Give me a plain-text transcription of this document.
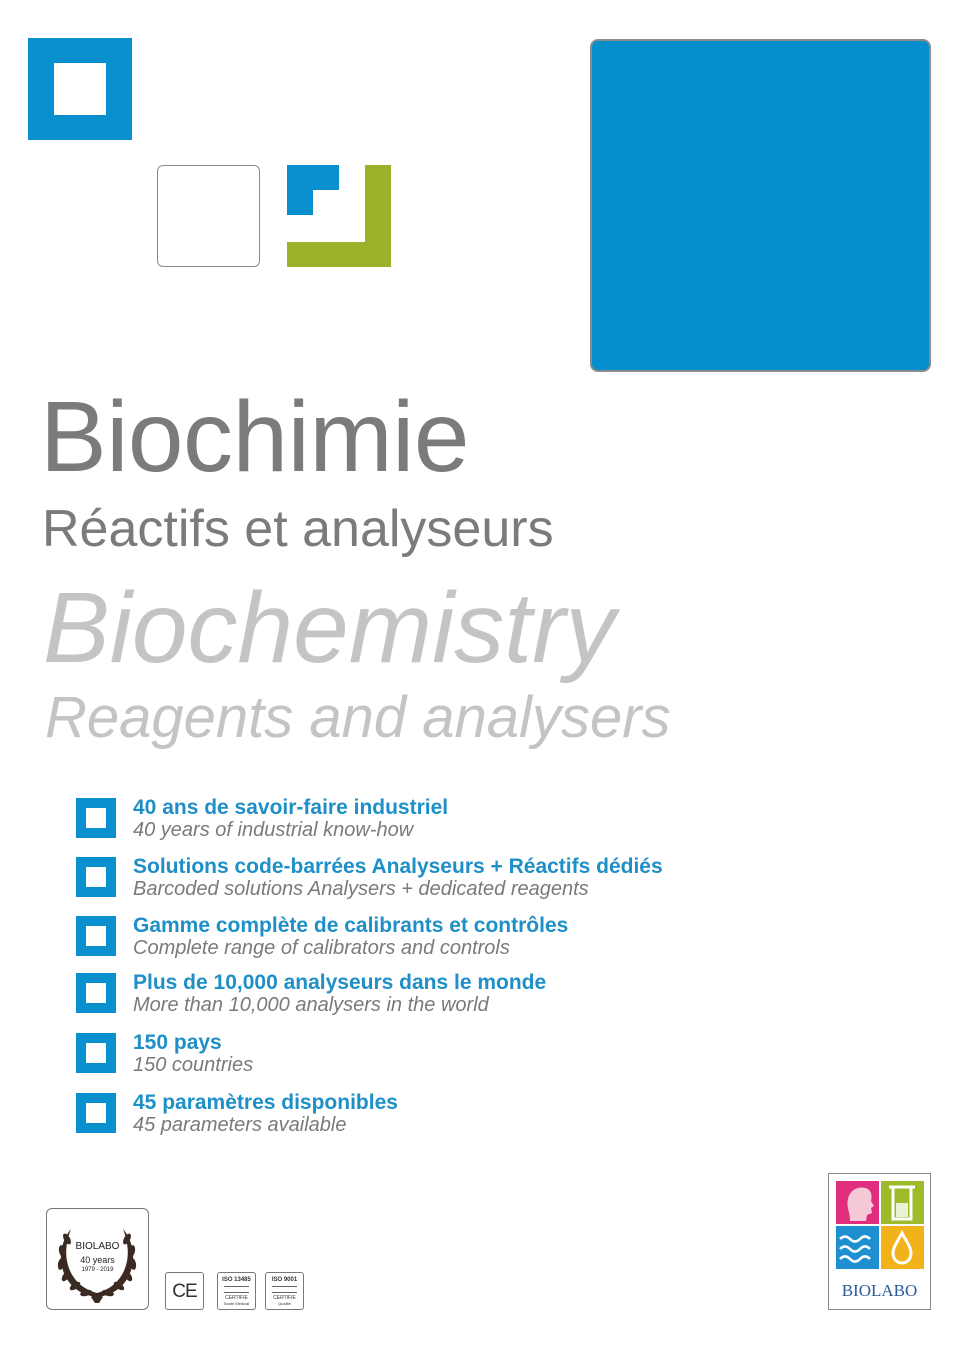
Biochimie
Réactifs et analyseurs
Biochemistry
Reagents and analysers
40 ans de savoir-faire industriel
40 years of industrial know-how
Solutions code-barrées Analyseurs + Réactifs dédiés
Barcoded solutions Analysers + dedicated reagents
Gamme complète de calibrants et contrôles
Complete range of calibrators and controls
Plus de 10,000 analyseurs dans le monde
More than 10,000 analysers in the world
150 pays
150 countries
45 paramètres disponibles
45 parameters available
BIOLABO
40 years
1979 - 2019
CE
ISO 13485
CERTIFIE
Santé Médical
ISO 9001
CERTIFIE
Qualité
BIOLABO
